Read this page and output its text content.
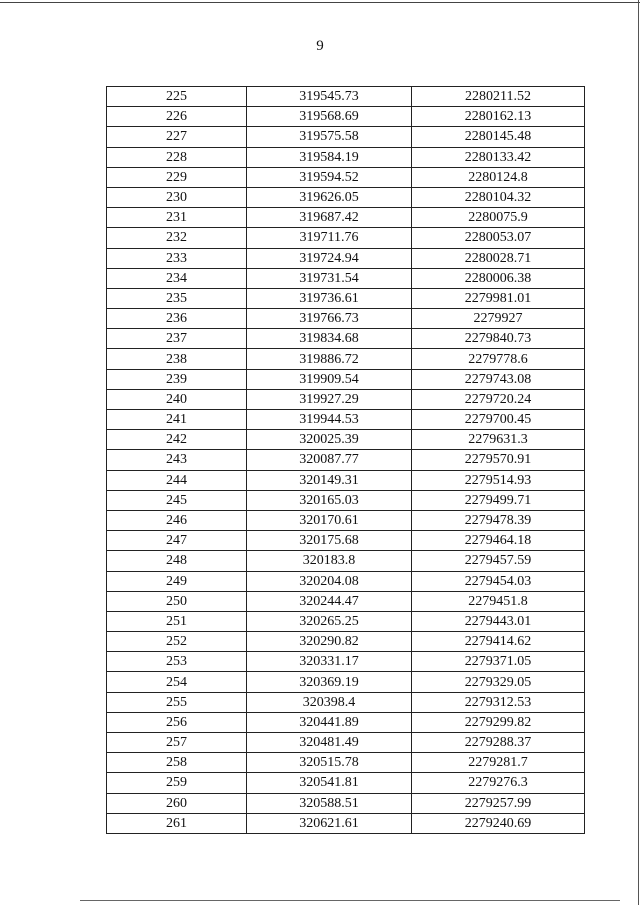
9
225	319545.73	2280211.52
226	319568.69	2280162.13
227	319575.58	2280145.48
228	319584.19	2280133.42
229	319594.52	2280124.8
230	319626.05	2280104.32
231	319687.42	2280075.9
232	319711.76	2280053.07
233	319724.94	2280028.71
234	319731.54	2280006.38
235	319736.61	2279981.01
236	319766.73	2279927
237	319834.68	2279840.73
238	319886.72	2279778.6
239	319909.54	2279743.08
240	319927.29	2279720.24
241	319944.53	2279700.45
242	320025.39	2279631.3
243	320087.77	2279570.91
244	320149.31	2279514.93
245	320165.03	2279499.71
246	320170.61	2279478.39
247	320175.68	2279464.18
248	320183.8	2279457.59
249	320204.08	2279454.03
250	320244.47	2279451.8
251	320265.25	2279443.01
252	320290.82	2279414.62
253	320331.17	2279371.05
254	320369.19	2279329.05
255	320398.4	2279312.53
256	320441.89	2279299.82
257	320481.49	2279288.37
258	320515.78	2279281.7
259	320541.81	2279276.3
260	320588.51	2279257.99
261	320621.61	2279240.69
